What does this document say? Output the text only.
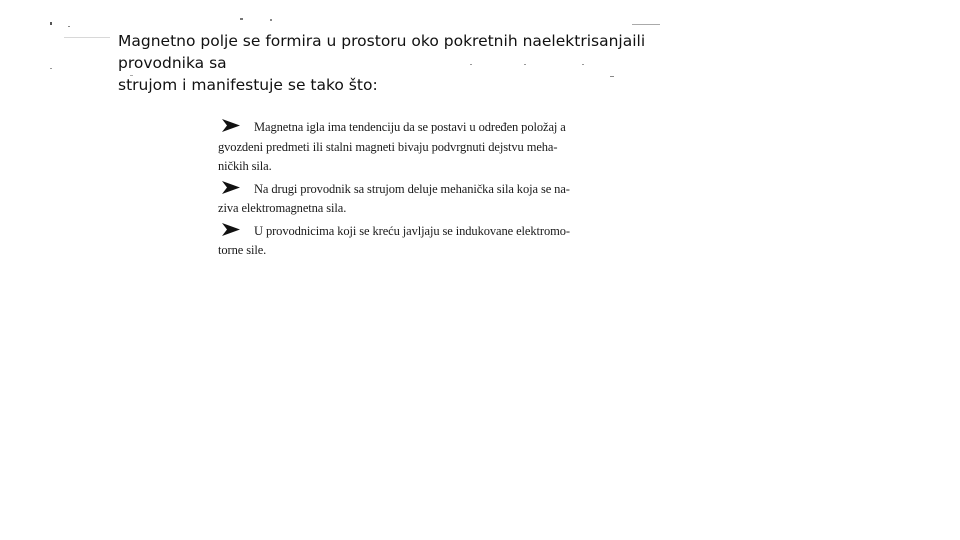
Magnetno polje se formira u prostoru oko pokretnih naelektrisanjaili provodnika sa
strujom i manifestuje se tako što:
Magnetna igla ima tendenciju da se postavi u određen položaj a
gvozdeni predmeti ili stalni magneti bivaju podvrgnuti dejstvu meha-
ničkih sila.
Na drugi provodnik sa strujom deluje mehanička sila koja se na-
ziva elektromagnetna sila.
U provodnicima koji se kreću javljaju se indukovane elektromo-
torne sile.
